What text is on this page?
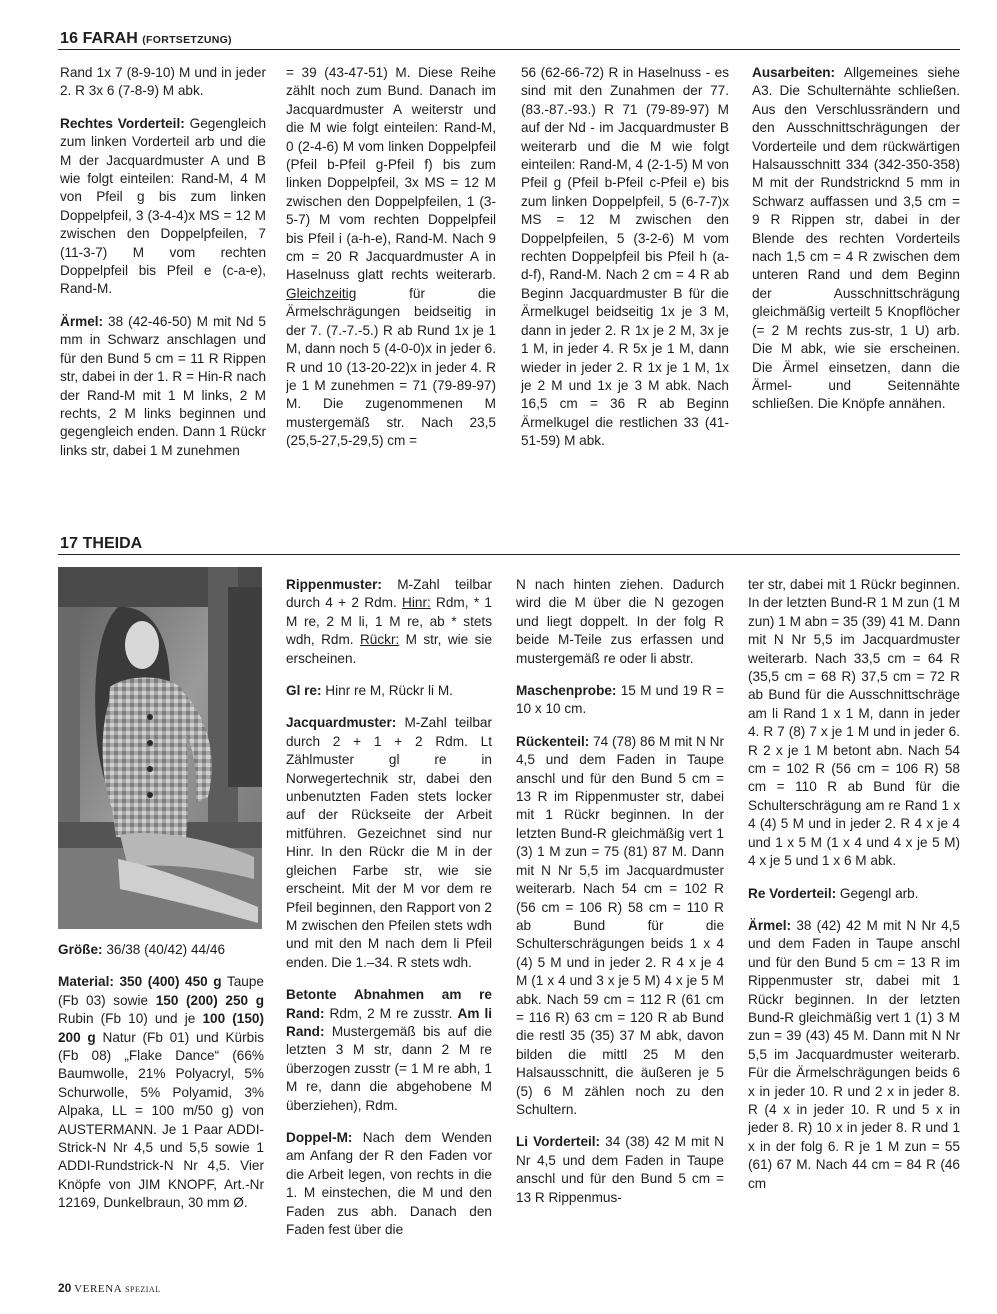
16 FARAH (FORTSETZUNG)

Rand 1x 7 (8-9-10) M und in jeder 2. R 3x 6 (7-8-9) M abk.

Rechtes Vorderteil: Gegengleich zum linken Vorderteil arb und die M der Jacquardmuster A und B wie folgt einteilen: Rand-M, 4 M von Pfeil g bis zum linken Doppelpfeil, 3 (3-4-4)x MS = 12 M zwischen den Doppelpfeilen, 7 (11-3-7) M vom rechten Doppelpfeil bis Pfeil e (c-a-e), Rand-M.

Ärmel: 38 (42-46-50) M mit Nd 5 mm in Schwarz anschlagen und für den Bund 5 cm = 11 R Rippen str, dabei in der 1. R = Hin-R nach der Rand-M mit 1 M links, 2 M rechts, 2 M links beginnen und gegengleich enden. Dann 1 Rückr links str, dabei 1 M zunehmen

= 39 (43-47-51) M. Diese Reihe zählt noch zum Bund. Danach im Jacquardmuster A weiterstr und die M wie folgt einteilen: Rand-M, 0 (2-4-6) M vom linken Doppelpfeil (Pfeil b-Pfeil g-Pfeil f) bis zum linken Doppelpfeil, 3x MS = 12 M zwischen den Doppelpfeilen, 1 (3-5-7) M vom rechten Doppelpfeil bis Pfeil i (a-h-e), Rand-M. Nach 9 cm = 20 R Jacquardmuster A in Haselnuss glatt rechts weiterarb. Gleichzeitig für die Ärmelschrägungen beidseitig in der 7. (7.-7.-5.) R ab Rund 1x je 1 M, dann noch 5 (4-0-0)x in jeder 6. R und 10 (13-20-22)x in jeder 4. R je 1 M zunehmen = 71 (79-89-97) M. Die zugenommenen M mustergemäß str. Nach 23,5 (25,5-27,5-29,5) cm =

56 (62-66-72) R in Haselnuss - es sind mit den Zunahmen der 77. (83.-87.-93.) R 71 (79-89-97) M auf der Nd - im Jacquardmuster B weiterarb und die M wie folgt einteilen: Rand-M, 4 (2-1-5) M von Pfeil g (Pfeil b-Pfeil c-Pfeil e) bis zum linken Doppelpfeil, 5 (6-7-7)x MS = 12 M zwischen den Doppelpfeilen, 5 (3-2-6) M vom rechten Doppelpfeil bis Pfeil h (a-d-f), Rand-M. Nach 2 cm = 4 R ab Beginn Jacquardmuster B für die Ärmelkugel beidseitig 1x je 3 M, dann in jeder 2. R 1x je 2 M, 3x je 1 M, in jeder 4. R 5x je 1 M, dann wieder in jeder 2. R 1x je 1 M, 1x je 2 M und 1x je 3 M abk. Nach 16,5 cm = 36 R ab Beginn Ärmelkugel die restlichen 33 (41-51-59) M abk.

Ausarbeiten: Allgemeines siehe A3. Die Schulternähte schließen. Aus den Verschlussrändern und den Ausschnittschrägungen der Vorderteile und dem rückwärtigen Halsausschnitt 334 (342-350-358) M mit der Rundstricknd 5 mm in Schwarz auffassen und 3,5 cm = 9 R Rippen str, dabei in der Blende des rechten Vorderteils nach 1,5 cm = 4 R zwischen dem unteren Rand und dem Beginn der Ausschnittschrägung gleichmäßig verteilt 5 Knopflöcher (= 2 M rechts zus-str, 1 U) arb. Die M abk, wie sie erscheinen. Die Ärmel einsetzen, dann die Ärmel- und Seitennähte schließen. Die Knöpfe annähen.

17 THEIDA

Größe: 36/38 (40/42) 44/46

Material: 350 (400) 450 g Taupe (Fb 03) sowie 150 (200) 250 g Rubin (Fb 10) und je 100 (150) 200 g Natur (Fb 01) und Kürbis (Fb 08) „Flake Dance“ (66% Baumwolle, 21% Polyacryl, 5% Schurwolle, 5% Polyamid, 3% Alpaka, LL = 100 m/50 g) von AUSTERMANN. Je 1 Paar ADDI-Strick-N Nr 4,5 und 5,5 sowie 1 ADDI-Rundstrick-N Nr 4,5. Vier Knöpfe von JIM KNOPF, Art.-Nr 12169, Dunkelbraun, 30 mm Ø.

Rippenmuster: M-Zahl teilbar durch 4 + 2 Rdm. Hinr: Rdm, * 1 M re, 2 M li, 1 M re, ab * stets wdh, Rdm. Rückr: M str, wie sie erscheinen.

Gl re: Hinr re M, Rückr li M.

Jacquardmuster: M-Zahl teilbar durch 2 + 1 + 2 Rdm. Lt Zählmuster gl re in Norwegertechnik str, dabei den unbenutzten Faden stets locker auf der Rückseite der Arbeit mitführen. Gezeichnet sind nur Hinr. In den Rückr die M in der gleichen Farbe str, wie sie erscheint. Mit der M vor dem re Pfeil beginnen, den Rapport von 2 M zwischen den Pfeilen stets wdh und mit den M nach dem li Pfeil enden. Die 1.–34. R stets wdh.

Betonte Abnahmen am re Rand: Rdm, 2 M re zusstr. Am li Rand: Mustergemäß bis auf die letzten 3 M str, dann 2 M re überzogen zusstr (= 1 M re abh, 1 M re, dann die abgehobene M überziehen), Rdm.

Doppel-M: Nach dem Wenden am Anfang der R den Faden vor die Arbeit legen, von rechts in die 1. M einstechen, die M und den Faden zus abh. Danach den Faden fest über die

N nach hinten ziehen. Dadurch wird die M über die N gezogen und liegt doppelt. In der folg R beide M-Teile zus erfassen und mustergemäß re oder li abstr.

Maschenprobe: 15 M und 19 R = 10 x 10 cm.

Rückenteil: 74 (78) 86 M mit N Nr 4,5 und dem Faden in Taupe anschl und für den Bund 5 cm = 13 R im Rippenmuster str, dabei mit 1 Rückr beginnen. In der letzten Bund-R gleichmäßig vert 1 (3) 1 M zun = 75 (81) 87 M. Dann mit N Nr 5,5 im Jacquardmuster weiterarb. Nach 54 cm = 102 R (56 cm = 106 R) 58 cm = 110 R ab Bund für die Schulterschrägungen beids 1 x 4 (4) 5 M und in jeder 2. R 4 x je 4 M (1 x 4 und 3 x je 5 M) 4 x je 5 M abk. Nach 59 cm = 112 R (61 cm = 116 R) 63 cm = 120 R ab Bund die restl 35 (35) 37 M abk, davon bilden die mittl 25 M den Halsausschnitt, die äußeren je 5 (5) 6 M zählen noch zu den Schultern.

Li Vorderteil: 34 (38) 42 M mit N Nr 4,5 und dem Faden in Taupe anschl und für den Bund 5 cm = 13 R Rippenmus-

ter str, dabei mit 1 Rückr beginnen. In der letzten Bund-R 1 M zun (1 M zun) 1 M abn = 35 (39) 41 M. Dann mit N Nr 5,5 im Jacquardmuster weiterarb. Nach 33,5 cm = 64 R (35,5 cm = 68 R) 37,5 cm = 72 R ab Bund für die Ausschnittschräge am li Rand 1 x 1 M, dann in jeder 4. R 7 (8) 7 x je 1 M und in jeder 6. R 2 x je 1 M betont abn. Nach 54 cm = 102 R (56 cm = 106 R) 58 cm = 110 R ab Bund für die Schulterschrägung am re Rand 1 x 4 (4) 5 M und in jeder 2. R 4 x je 4 und 1 x 5 M (1 x 4 und 4 x je 5 M) 4 x je 5 und 1 x 6 M abk.

Re Vorderteil: Gegengl arb.

Ärmel: 38 (42) 42 M mit N Nr 4,5 und dem Faden in Taupe anschl und für den Bund 5 cm = 13 R im Rippenmuster str, dabei mit 1 Rückr beginnen. In der letzten Bund-R gleichmäßig vert 1 (1) 3 M zun = 39 (43) 45 M. Dann mit N Nr 5,5 im Jacquardmuster weiterarb. Für die Ärmelschrägungen beids 6 x in jeder 10. R und 2 x in jeder 8. R (4 x in jeder 10. R und 5 x in jeder 8. R) 10 x in jeder 8. R und 1 x in der folg 6. R je 1 M zun = 55 (61) 67 M. Nach 44 cm = 84 R (46 cm

20 VERENA SPEZIAL
